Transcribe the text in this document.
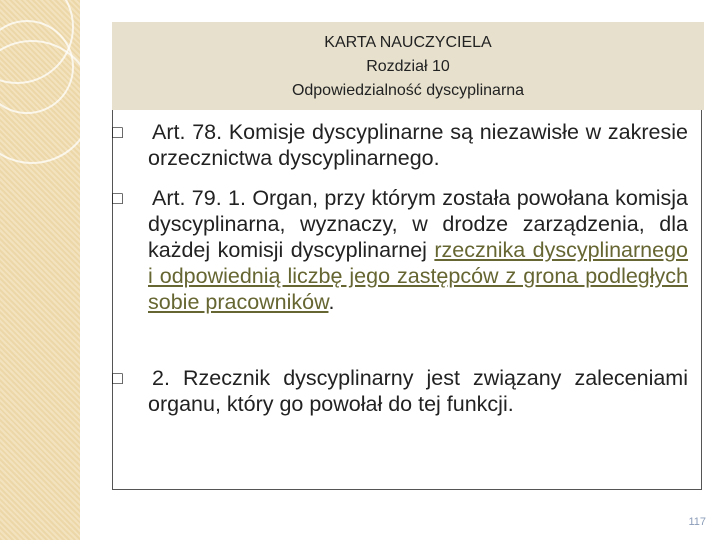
KARTA NAUCZYCIELA
Rozdział 10
Odpowiedzialność dyscyplinarna
□ Art. 78. Komisje dyscyplinarne są niezawisłe w zakresie orzecznictwa dyscyplinarnego.
□ Art. 79. 1. Organ, przy którym została powołana komisja dyscyplinarna, wyznaczy, w drodze zarządzenia, dla każdej komisji dyscyplinarnej rzecznika dyscyplinarnego i odpowiednią liczbę jego zastępców z grona podległych sobie pracowników.
□ 2. Rzecznik dyscyplinarny jest związany zaleceniami organu, który go powołał do tej funkcji.
117
